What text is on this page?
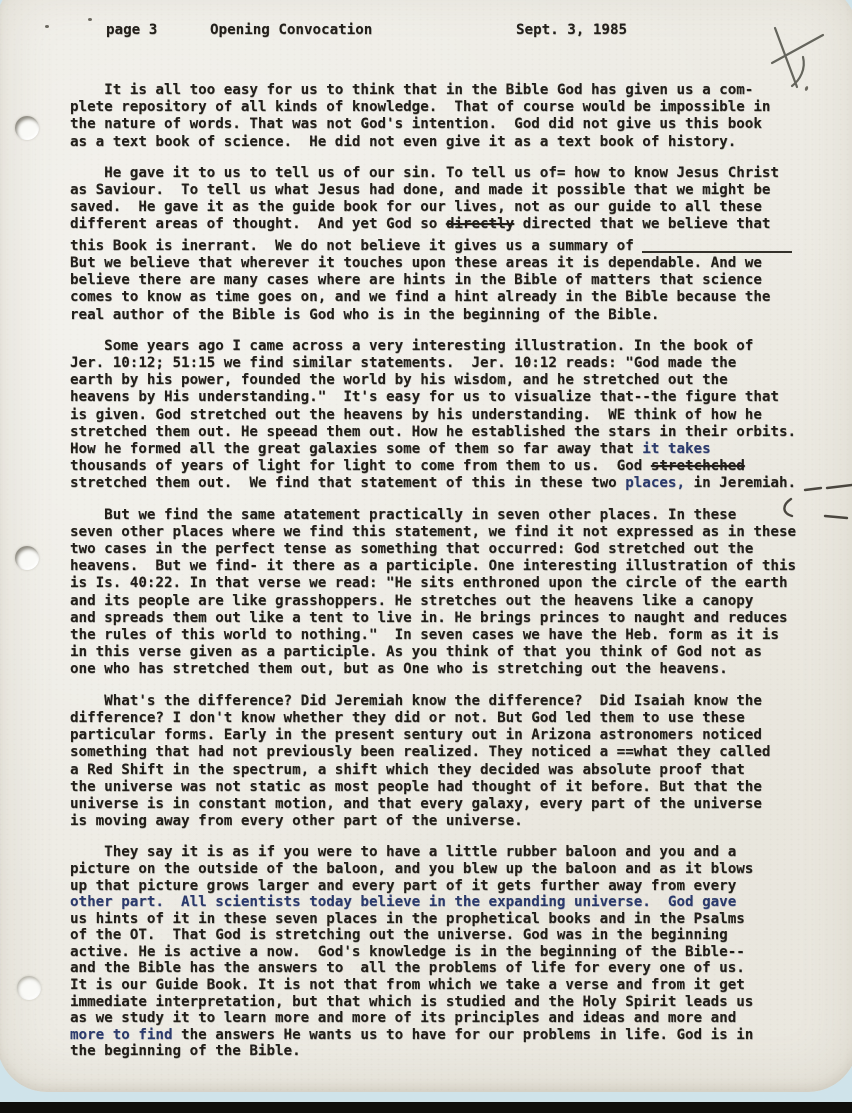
page 3	Opening Convocation	Sept. 3, 1985
It is all too easy for us to think that in the Bible God has given us a com-
plete repository of all kinds of knowledge.  That of course would be impossible in
the nature of words. That was not God's intention.  God did not give us this book
as a text book of science.  He did not even give it as a text book of history.
He gave it to us to tell us of our sin. To tell us of= how to know Jesus Christ
as Saviour.  To tell us what Jesus had done, and made it possible that we might be
saved.  He gave it as the guide book for our lives, not as our guide to all these
different areas of thought.  And yet God so directly directed that we believe that
this Book is inerrant.  We do not believe it gives us a summary of
But we believe that wherever it touches upon these areas it is dependable. And we
believe there are many cases where are hints in the Bible of matters that science
comes to know as time goes on, and we find a hint already in the Bible because the
real author of the Bible is God who is in the beginning of the Bible.
Some years ago I came across a very interesting illustration. In the book of
Jer. 10:12; 51:15 we find similar statements.  Jer. 10:12 reads: "God made the
earth by his power, founded the world by his wisdom, and he stretched out the
heavens by His understanding."  It's easy for us to visualize that--the figure that
is given. God stretched out the heavens by his understanding.  WE think of how he
stretched them out. He speead them out. How he established the stars in their orbits.
How he formed all the great galaxies some of them so far away that it takes
thousands of years of light for light to come from them to us.  God stretchched
stretched them out.  We find that statement of this in these two places, in Jeremiah.
But we find the same atatement practically in seven other places. In these
seven other places where we find this statement, we find it not expressed as in these
two cases in the perfect tense as something that occurred: God stretched out the
heavens.  But we find- it there as a participle. One interesting illustration of this
is Is. 40:22. In that verse we read: "He sits enthroned upon the circle of the earth
and its people are like grasshoppers. He stretches out the heavens like a canopy
and spreads them out like a tent to live in. He brings princes to naught and reduces
the rules of this world to nothing."  In seven cases we have the Heb. form as it is
in this verse given as a participle. As you think of that you think of God not as
one who has stretched them out, but as One who is stretching out the heavens.
What's the difference? Did Jeremiah know the difference?  Did Isaiah know the
difference? I don't know whether they did or not. But God led them to use these
particular forms. Early in the present sentury out in Arizona astronomers noticed
something that had not previously been realized. They noticed a ==what they called
a Red Shift in the spectrum, a shift which they decided was absolute proof that
the universe was not static as most people had thought of it before. But that the
universe is in constant motion, and that every galaxy, every part of the universe
is moving away from every other part of the universe.
They say it is as if you were to have a little rubber baloon and you and a
picture on the outside of the baloon, and you blew up the baloon and as it blows
up that picture grows larger and every part of it gets further away from every
other part.  All scientists today believe in the expanding universe.  God gave
us hints of it in these seven places in the prophetical books and in the Psalms
of the OT.  That God is stretching out the universe. God was in the beginning
active. He is active a now.  God's knowledge is in the beginning of the Bible--
and the Bible has the answers to  all the problems of life for every one of us.
It is our Guide Book. It is not that from which we take a verse and from it get
immediate interpretation, but that which is studied and the Holy Spirit leads us
as we study it to learn more and more of its principles and ideas and more and
more to find the answers He wants us to have for our problems in life. God is in
the beginning of the Bible.
